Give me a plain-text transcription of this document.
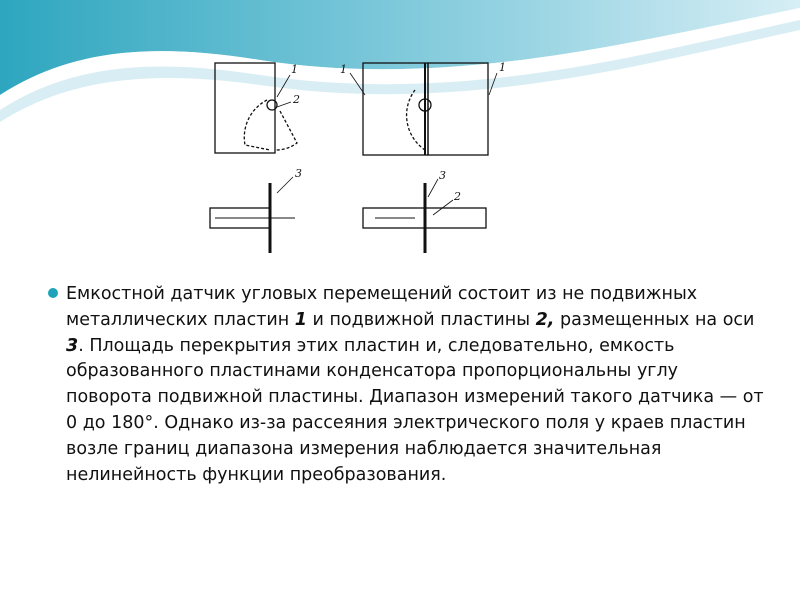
1
2
1	1
3	3
2
Емкостной датчик угловых перемещений состоит из не подвижных металлических пластин 1 и подвижной пластины 2, размещенных на оси 3. Площадь перекрытия этих пластин и, следовательно, емкость образованного пластинами конденсатора пропорциональны углу поворота подвижной пластины. Диапазон измерений такого датчика — от 0 до 180°. Однако из-за рассеяния электрического поля у краев пластин возле границ диапазона измерения наблюдается значительная нелинейность функции преобразования.
